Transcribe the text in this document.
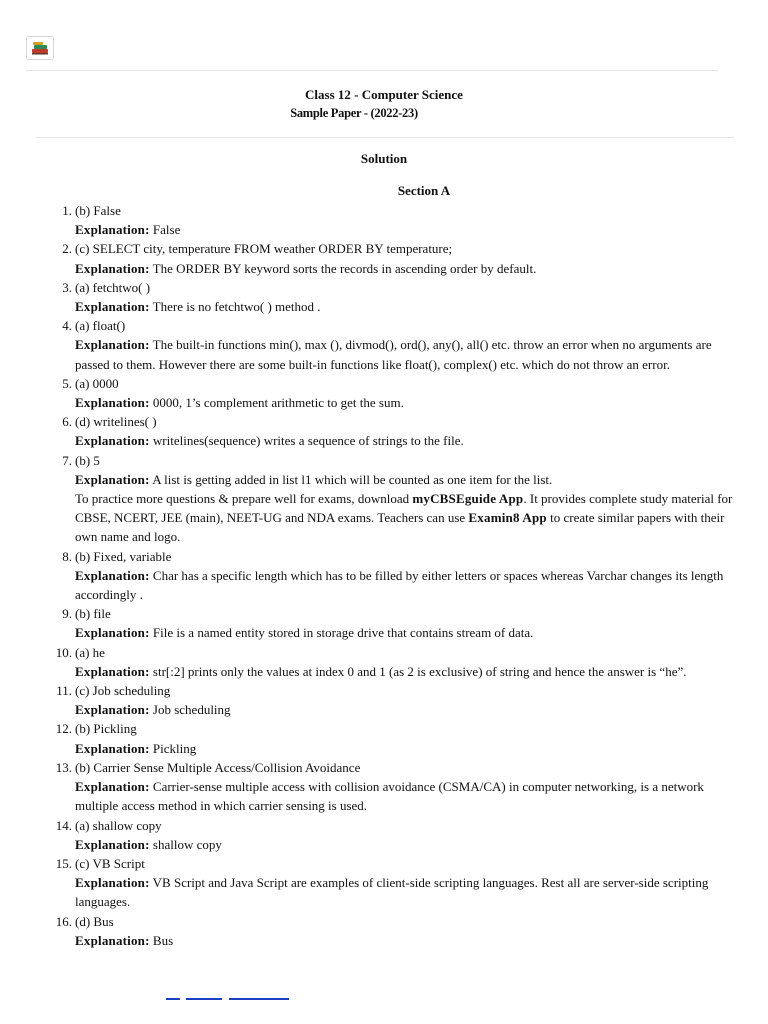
Class 12 - Computer Science
Sample Paper - (2022-23)
Solution
Section A
1. (b) False
Explanation: False
2. (c) SELECT city, temperature FROM weather ORDER BY temperature;
Explanation: The ORDER BY keyword sorts the records in ascending order by default.
3. (a) fetchtwo( )
Explanation: There is no fetchtwo( ) method .
4. (a) float()
Explanation: The built-in functions min(), max (), divmod(), ord(), any(), all() etc. throw an error when no arguments are passed to them. However there are some built-in functions like float(), complex() etc. which do not throw an error.
5. (a) 0000
Explanation: 0000, 1’s complement arithmetic to get the sum.
6. (d) writelines( )
Explanation: writelines(sequence) writes a sequence of strings to the file.
7. (b) 5
Explanation: A list is getting added in list l1 which will be counted as one item for the list.
To practice more questions & prepare well for exams, download myCBSEguide App. It provides complete study material for CBSE, NCERT, JEE (main), NEET-UG and NDA exams. Teachers can use Examin8 App to create similar papers with their own name and logo.
8. (b) Fixed, variable
Explanation: Char has a specific length which has to be filled by either letters or spaces whereas Varchar changes its length accordingly .
9. (b) file
Explanation: File is a named entity stored in storage drive that contains stream of data.
10. (a) he
Explanation: str[:2] prints only the values at index 0 and 1 (as 2 is exclusive) of string and hence the answer is “he”.
11. (c) Job scheduling
Explanation: Job scheduling
12. (b) Pickling
Explanation: Pickling
13. (b) Carrier Sense Multiple Access/Collision Avoidance
Explanation: Carrier-sense multiple access with collision avoidance (CSMA/CA) in computer networking, is a network multiple access method in which carrier sensing is used.
14. (a) shallow copy
Explanation: shallow copy
15. (c) VB Script
Explanation: VB Script and Java Script are examples of client-side scripting languages. Rest all are server-side scripting languages.
16. (d) Bus
Explanation: Bus
